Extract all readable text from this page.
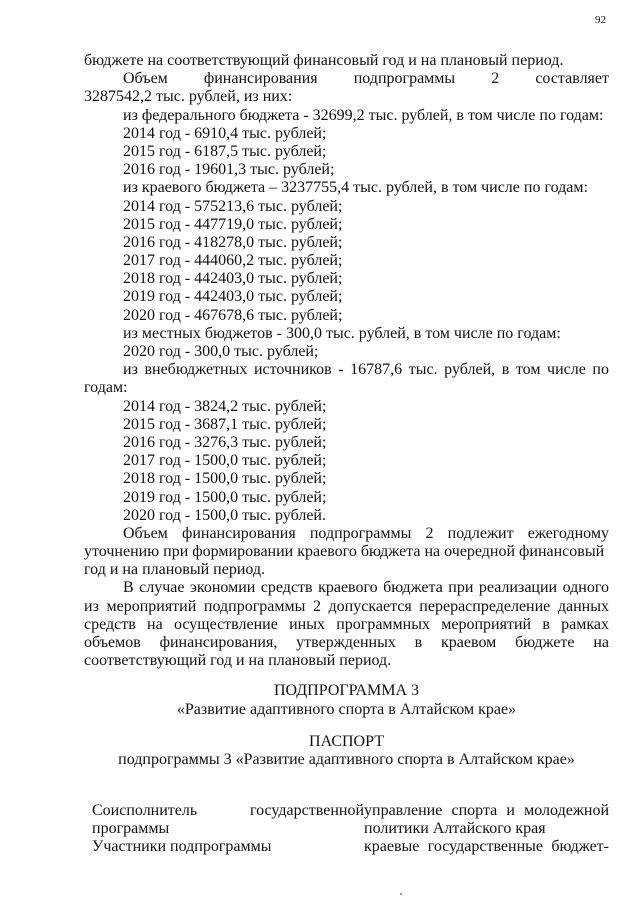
92
бюджете на соответствующий финансовый год и на плановый период.
Объем финансирования подпрограммы 2 составляет
3287542,2 тыс. рублей, из них:
из федерального бюджета - 32699,2 тыс. рублей, в том числе по годам:
2014 год - 6910,4 тыс. рублей;
2015 год - 6187,5 тыс. рублей;
2016 год - 19601,3 тыс. рублей;
из краевого бюджета – 3237755,4 тыс. рублей, в том числе по годам:
2014 год - 575213,6 тыс. рублей;
2015 год - 447719,0 тыс. рублей;
2016 год - 418278,0 тыс. рублей;
2017 год - 444060,2 тыс. рублей;
2018 год - 442403,0 тыс. рублей;
2019 год - 442403,0 тыс. рублей;
2020 год - 467678,6 тыс. рублей;
из местных бюджетов - 300,0 тыс. рублей, в том числе по годам:
2020 год - 300,0 тыс. рублей;
из внебюджетных источников - 16787,6 тыс. рублей, в том числе по
годам:
2014 год - 3824,2 тыс. рублей;
2015 год - 3687,1 тыс. рублей;
2016 год - 3276,3 тыс. рублей;
2017 год - 1500,0 тыс. рублей;
2018 год - 1500,0 тыс. рублей;
2019 год - 1500,0 тыс. рублей;
2020 год - 1500,0 тыс. рублей.
Объем финансирования подпрограммы 2 подлежит ежегодному
уточнению при формировании краевого бюджета на очередной финансовый
год и на плановый период.
В случае экономии средств краевого бюджета при реализации одного
из мероприятий подпрограммы 2 допускается перераспределение данных
средств на осуществление иных программных мероприятий в рамках
объемов финансирования, утвержденных в краевом бюджете на
соответствующий год и на плановый период.
ПОДПРОГРАММА 3
«Развитие адаптивного спорта в Алтайском крае»
ПАСПОРТ
подпрограммы 3 «Развитие адаптивного спорта в Алтайском крае»
Соисполнитель государственной
программы
управление спорта и молодежной
политики Алтайского края
Участники подпрограммы	краевые государственные бюджет-
